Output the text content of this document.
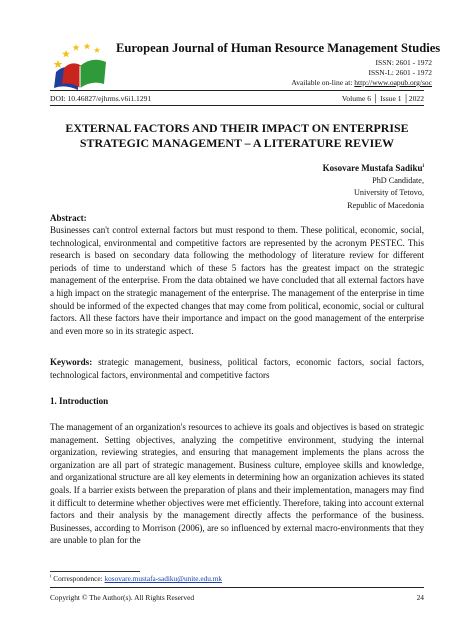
European Journal of Human Resource Management Studies
ISSN: 2601 - 1972
ISSN-L: 2601 - 1972
Available on-line at: http://www.oapub.org/soc
DOI: 10.46827/ejhrms.v6i1.1291	Volume 6 │ Issue 1 │2022
EXTERNAL FACTORS AND THEIR IMPACT ON ENTERPRISE STRATEGIC MANAGEMENT – A LITERATURE REVIEW
Kosovare Mustafa Sadiku$^i$
PhD Candidate,
University of Tetovo,
Republic of Macedonia
Abstract:
Businesses can't control external factors but must respond to them. These political, economic, social, technological, environmental and competitive factors are represented by the acronym PESTEC. This research is based on secondary data following the methodology of literature review for different periods of time to understand which of these 5 factors has the greatest impact on the strategic management of the enterprise. From the data obtained we have concluded that all external factors have a high impact on the strategic management of the enterprise. The management of the enterprise in time should be informed of the expected changes that may come from political, economic, social or cultural factors. All these factors have their importance and impact on the good management of the enterprise and even more so in its strategic aspect.
Keywords: strategic management, business, political factors, economic factors, social factors, technological factors, environmental and competitive factors
1. Introduction
The management of an organization's resources to achieve its goals and objectives is based on strategic management. Setting objectives, analyzing the competitive environment, studying the internal organization, reviewing strategies, and ensuring that management implements the plans across the organization are all part of strategic management. Business culture, employee skills and knowledge, and organizational structure are all key elements in determining how an organization achieves its stated goals. If a barrier exists between the preparation of plans and their implementation, managers may find it difficult to determine whether objectives were met efficiently. Therefore, taking into account external factors and their analysis by the management directly affects the performance of the business. Businesses, according to Morrison (2006), are so influenced by external macro-environments that they are unable to plan for the
$^i$ Correspondence: kosovare.mustafa-sadiku@unite.edu.mk
Copyright © The Author(s). All Rights Reserved	24
